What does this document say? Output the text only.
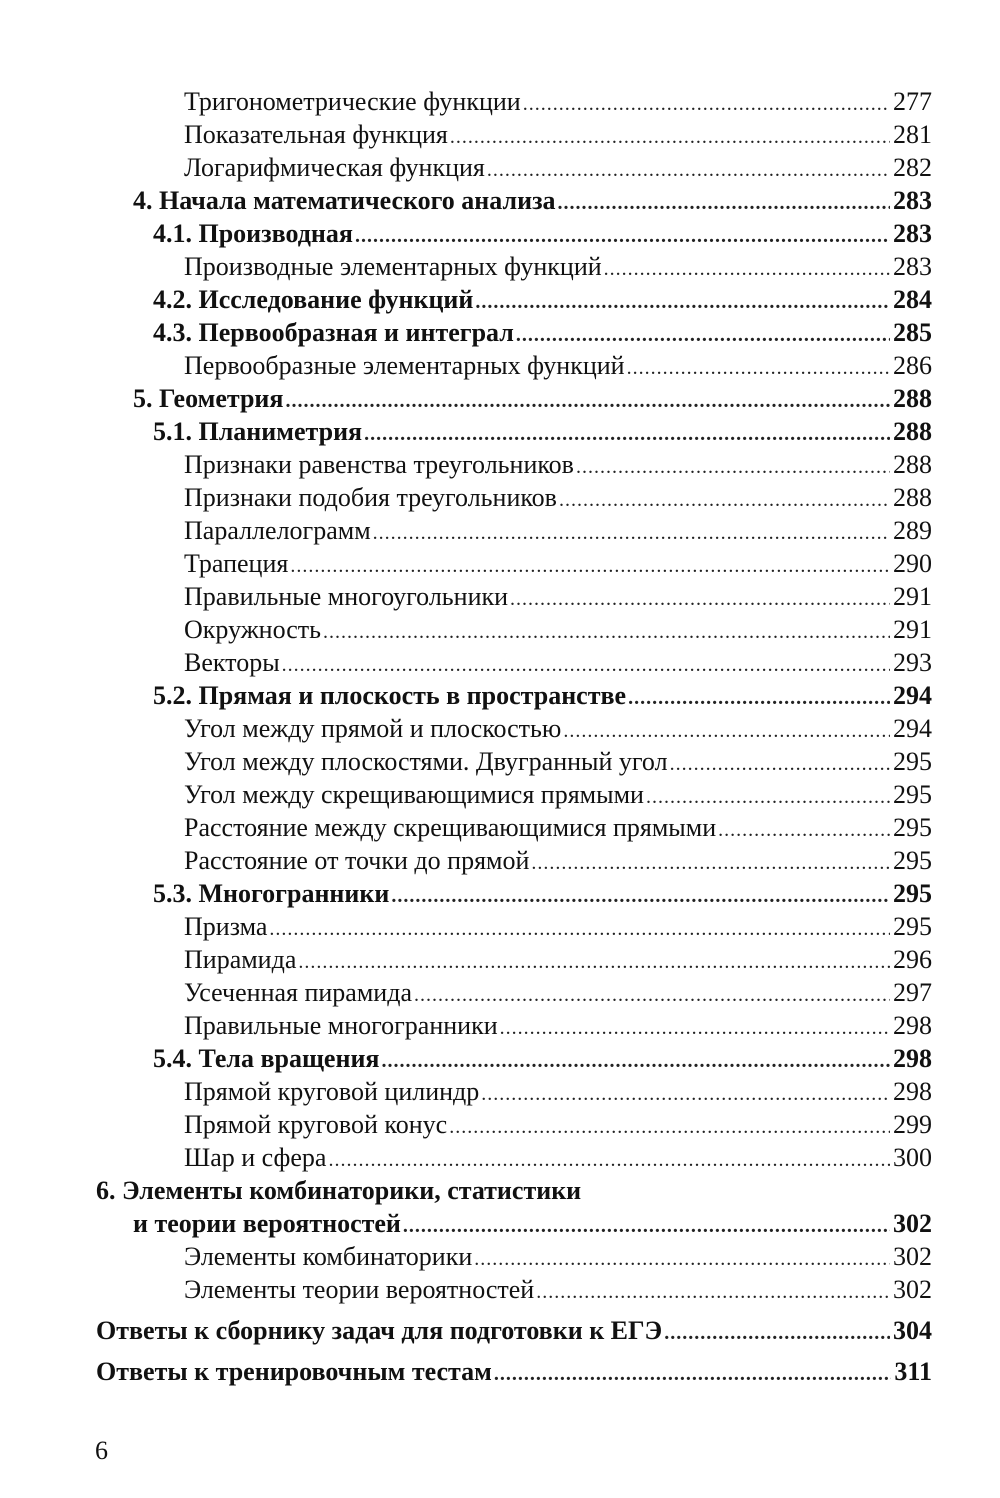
Тригонометрические функции .....	277
Показательная функция .....	281
Логарифмическая функция .....	282
4. Начала математического анализа .....	283
4.1. Производная .....	283
Производные элементарных функций .....	283
4.2. Исследование функций .....	284
4.3. Первообразная и интеграл .....	285
Первообразные элементарных функций .....	286
5. Геометрия .....	288
5.1. Планиметрия .....	288
Признаки равенства треугольников .....	288
Признаки подобия треугольников .....	288
Параллелограмм .....	289
Трапеция .....	290
Правильные многоугольники .....	291
Окружность .....	291
Векторы .....	293
5.2. Прямая и плоскость в пространстве .....	294
Угол между прямой и плоскостью .....	294
Угол между плоскостями. Двугранный угол .....	295
Угол между скрещивающимися прямыми .....	295
Расстояние между скрещивающимися прямыми .....	295
Расстояние от точки до прямой .....	295
5.3. Многогранники .....	295
Призма .....	295
Пирамида .....	296
Усеченная пирамида .....	297
Правильные многогранники .....	298
5.4. Тела вращения .....	298
Прямой круговой цилиндр .....	298
Прямой круговой конус .....	299
Шар и сфера .....	300
6. Элементы комбинаторики, статистики
и теории вероятностей .....	302
Элементы комбинаторики .....	302
Элементы теории вероятностей .....	302
Ответы к сборнику задач для подготовки к ЕГЭ .....	304
Ответы к тренировочным тестам .....	311
6
